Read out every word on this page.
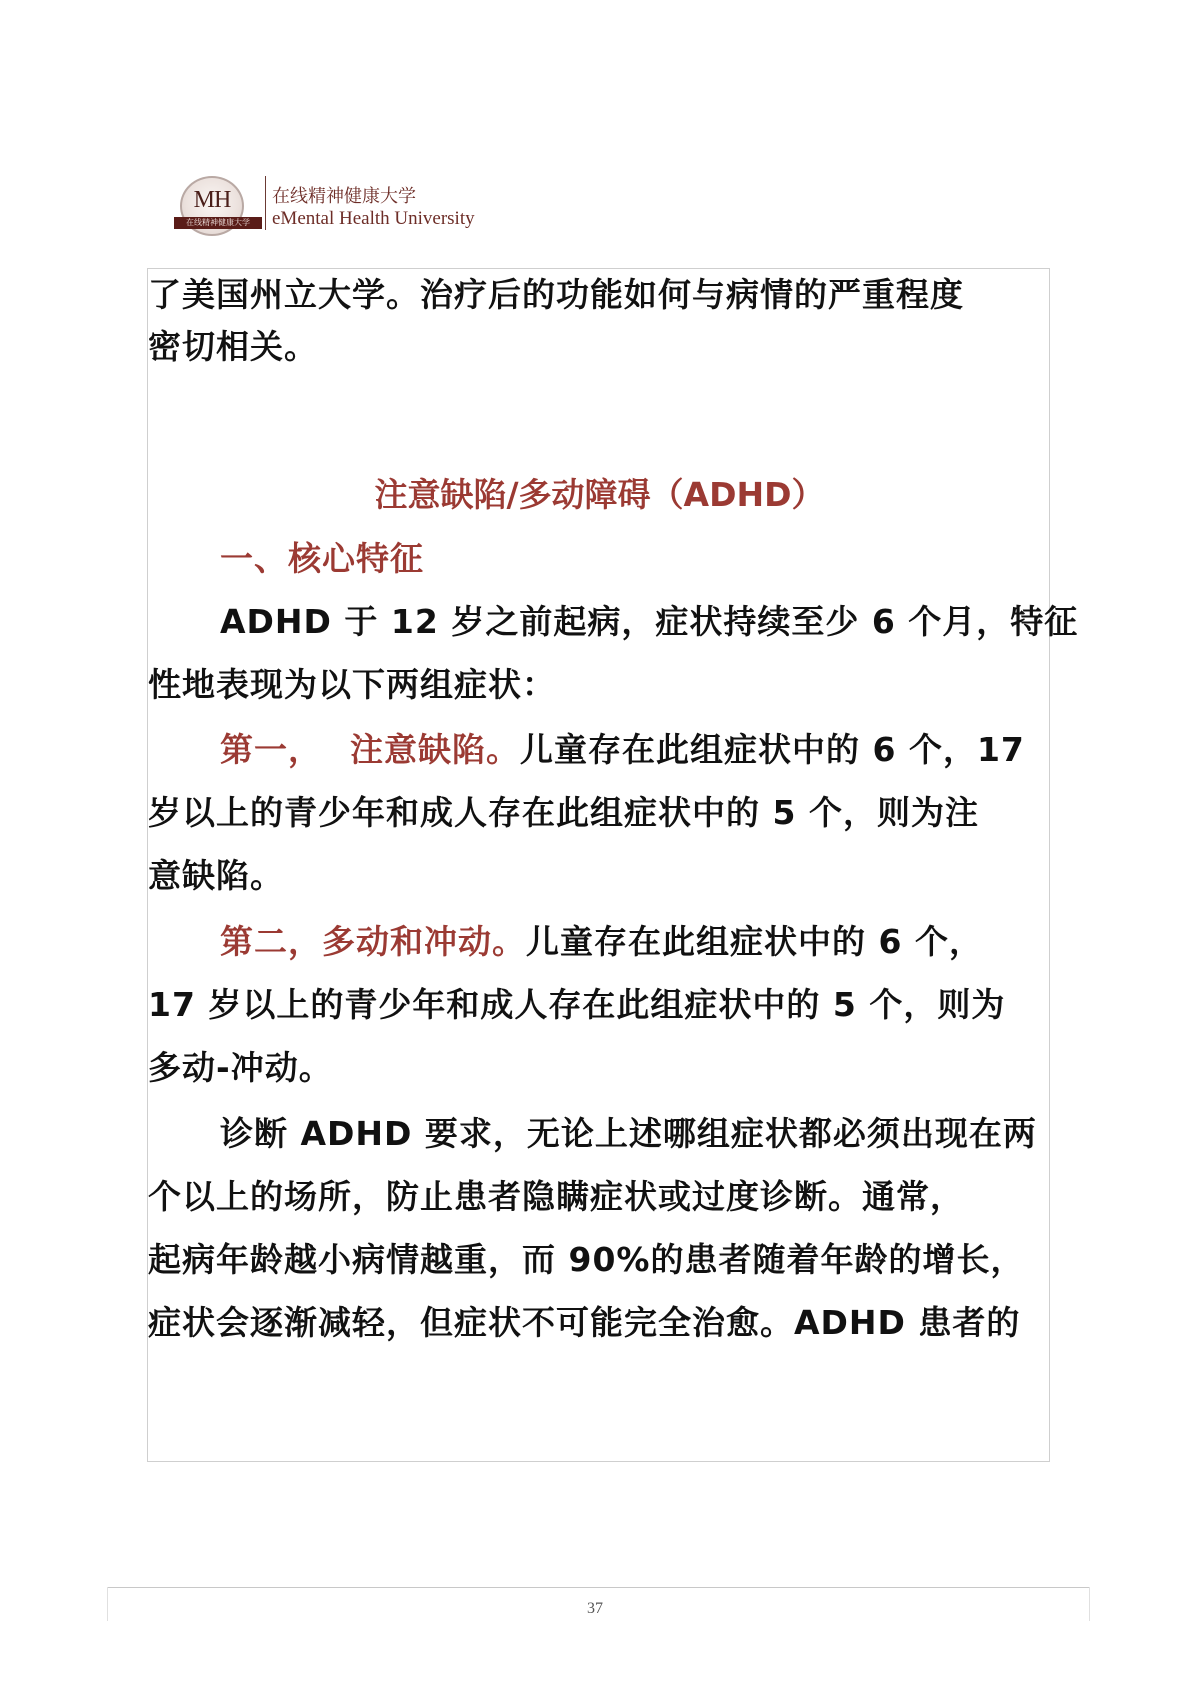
MH
在线精神健康大学
在线精神健康大学
eMental Health University
了美国州立大学。治疗后的功能如何与病情的严重程度
密切相关。
注意缺陷/多动障碍（ADHD）
一、核心特征
ADHD 于 12 岁之前起病，症状持续至少 6 个月，特征
性地表现为以下两组症状：
第一， 注意缺陷。儿童存在此组症状中的 6 个，17
岁以上的青少年和成人存在此组症状中的 5 个，则为注
意缺陷。
第二，多动和冲动。儿童存在此组症状中的 6 个，
17 岁以上的青少年和成人存在此组症状中的 5 个，则为
多动-冲动。
诊断 ADHD 要求，无论上述哪组症状都必须出现在两
个以上的场所，防止患者隐瞒症状或过度诊断。通常，
起病年龄越小病情越重，而 90%的患者随着年龄的增长，
症状会逐渐减轻，但症状不可能完全治愈。ADHD 患者的
37
